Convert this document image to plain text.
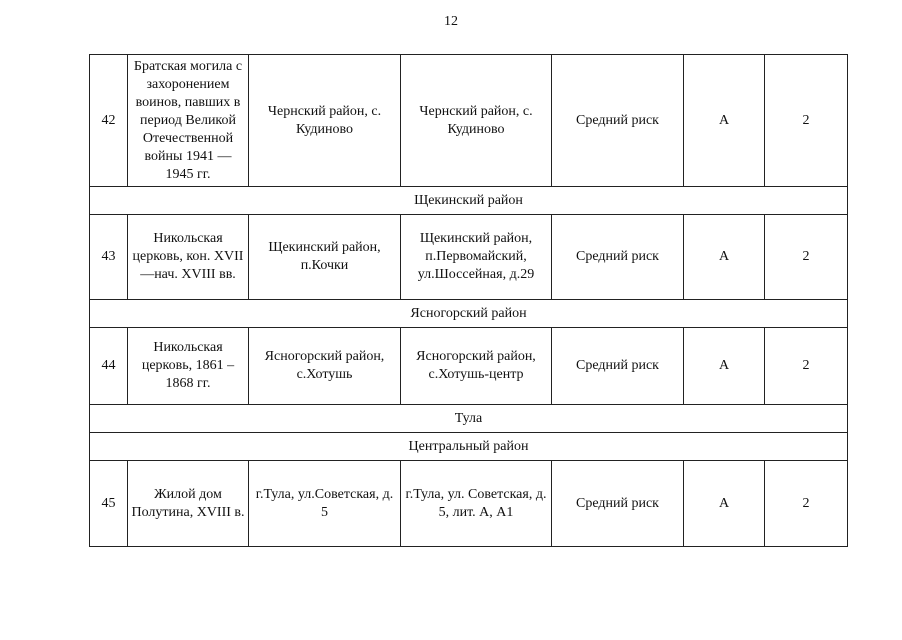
12
42	Братская могила с захоронением воинов, павших в период Великой Отечественной войны 1941 — 1945 гг.	Чернский район, с. Кудиново	Чернский район, с. Кудиново	Средний риск	А	2
Щекинский район						
43	Никольская церковь, кон. XVII —нач. XVIII вв.	Щекинский район, п.Кочки	Щекинский район, п.Первомайский, ул.Шоссейная, д.29	Средний риск	А	2
Ясногорский район						
44	Никольская церковь, 1861 – 1868 гг.	Ясногорский район, с.Хотушь	Ясногорский район, с.Хотушь-центр	Средний риск	А	2
Тула						
Центральный район						
45	Жилой дом Полутина, XVIII в.	г.Тула, ул.Советская, д. 5	г.Тула, ул. Советская, д. 5, лит. А, А1	Средний риск	А	2
